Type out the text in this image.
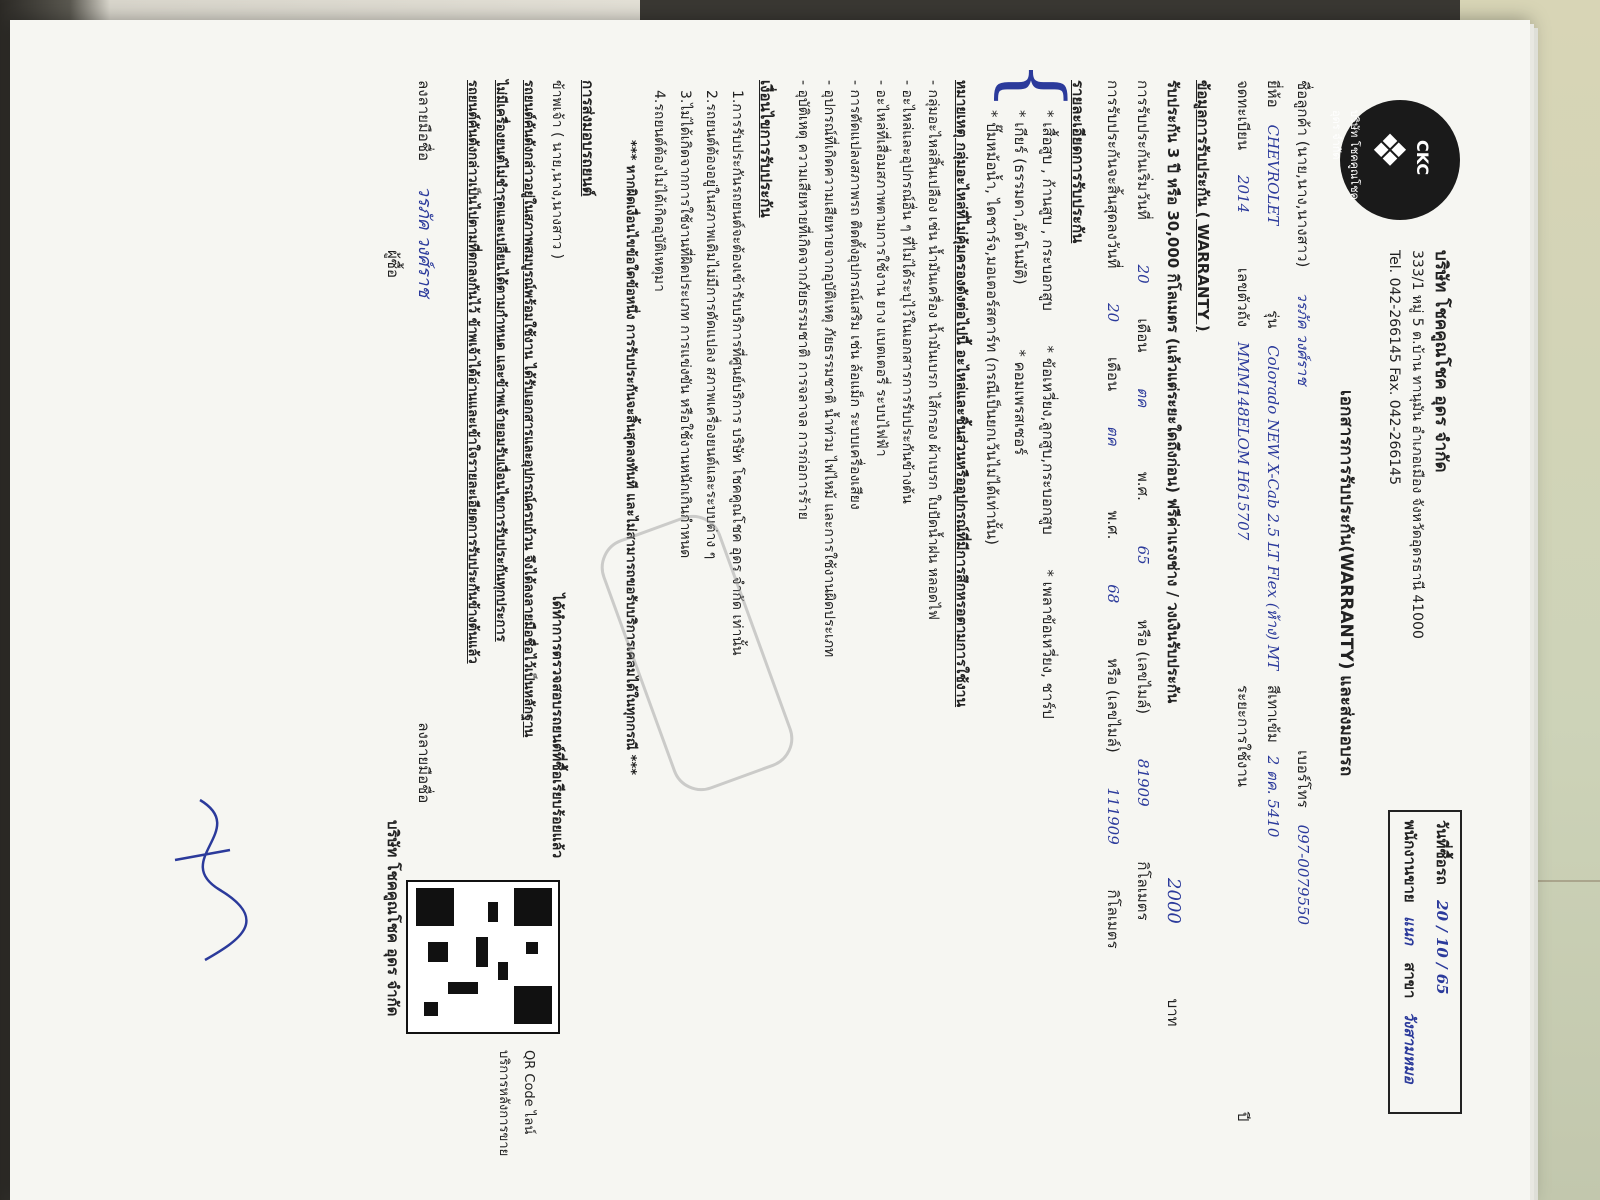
CKC
❖
บริษัท โชคคูณโชค อุดร จำกัด
บริษัท โชคคูณโชค อุดร จำกัด
333/1 หมู่ 5 ต.บ้าน ทานุมัน อำเภอเมือง จังหวัดอุดรธานี 41000
Tel. 042-266145 Fax. 042-266145
วันที่ซื้อรถ 20 / 10 / 65
พนักงานขาย แนก สาขา วังสามหมอ
เอกสารการรับประกัน(WARRANTY) และส่งมอบรถ
ชื่อลูกค้า (นาย,นาง,นางสาว) วรภัค วงศ์ราช เบอร์โทร 097-0079550
ยี่ห้อ CHEVROLET รุ่น Colorado NEW X-Cab 2.5 LT Flex (ห้าง) MT สีเทาเข้ม 2 ตค. 5410
จดทะเบียน 2014 เลขตัวถัง MMM148ELOM H615707 ระยะการใช้งาน ปี
ข้อมูลการรับประกัน ( WARRANTY )
รับประกัน 3 ปี หรือ 30,000 กิโลเมตร (แล้วแต่ระยะใดถึงก่อน) ฟรีค่าแรงช่าง / วงเงินรับประกัน 2000 บาท
การรับประกันเริ่มวันที่ 20 เดือน ตค พ.ศ. 65 หรือ (เลขไมล์) 81909 กิโลเมตร
การรับประกันจะสิ้นสุดลงวันที่ 20 เดือน ตค พ.ศ. 68 หรือ (เลขไมล์) 111909 กิโลเมตร
รายละเอียดการรับประกัน
{
* เสื้อสูบ , ก้านสูบ , กระบอกสูบ * ข้อเหวี่ยง,ลูกสูบ,กระบอกสูบ * เพลาข้อเหวี่ยง, ชาร์ป
* เกียร์ (ธรรมดา,อัตโนมัติ) * คอมเพรสเซอร์
* ปั๊มหม้อน้ำ, ไดชาร์จ,มอเตอร์สตาร์ท (กรณีเป็นยกเว้นไม่ได้เท่านั้น)
หมายเหตุ กลุ่มอะไหล่ที่ไม่คุ้มครองดังต่อไปนี้ อะไหล่และชิ้นส่วนหรืออุปกรณ์ที่มีการสึกหรอตามการใช้งาน
- กลุ่มอะไหล่สิ้นเปลือง เช่น น้ำมันเครื่อง น้ำมันเบรก ไส้กรอง ผ้าเบรก ใบปัดน้ำฝน หลอดไฟ
- อะไหล่และอุปกรณ์อื่น ๆ ที่ไม่ได้ระบุไว้ในเอกสารการรับประกันข้างต้น
- อะไหล่ที่เสื่อมสภาพตามการใช้งาน ยาง แบตเตอรี่ ระบบไฟฟ้า
- การดัดแปลงสภาพรถ ติดตั้งอุปกรณ์เสริม เช่น ล้อแม็ก ระบบเครื่องเสียง
- อุปกรณ์ที่เกิดความเสียหายจากอุบัติเหตุ ภัยธรรมชาติ น้ำท่วม ไฟไหม้ และการใช้งานผิดประเภท
- อุบัติเหตุ ความเสียหายที่เกิดจากภัยธรรมชาติ การจลาจล การก่อการร้าย
เงื่อนไขการรับประกัน
1.การรับประกันรถยนต์จะต้องเข้ารับบริการที่ศูนย์บริการ บริษัท โชคคูณโชค อุดร จำกัด เท่านั้น
2.รถยนต์ต้องอยู่ในสภาพเดิมไม่มีการดัดแปลง สภาพเครื่องยนต์และระบบต่าง ๆ
3.ไม่ได้เกิดจากการใช้งานที่ผิดประเภท การแข่งขัน หรือใช้งานหนักเกินกำหนด
4.รถยนต์ต้องไม่ได้เกิดอุบัติเหตุมา
*** หากผิดเงื่อนไขข้อใดข้อหนึ่ง การรับประกันจะสิ้นสุดลงทันที และไม่สามารถขอรับบริการเคลมได้ในทุกกรณี ***
การส่งมอบรถยนต์
ข้าพเจ้า ( นาย,นาง,นางสาว ) ได้ทำการตรวจสอบรถยนต์ที่ซื้อเรียบร้อยแล้ว
รถยนต์คันดังกล่าวอยู่ในสภาพสมบูรณ์พร้อมใช้งาน ได้รับเอกสารและอุปกรณ์ครบถ้วน จึงได้ลงลายมือชื่อไว้เป็นหลักฐาน
ไม่มีเครื่องยนต์ไม่ชำรุดและเปลี่ยนได้ตามกำหนด และข้าพเจ้ายอมรับเงื่อนไขการรับประกันทุกประการ
รถยนต์คันดังกล่าวเป็นไปตามที่ตกลงกันไว้ ข้าพเจ้าได้อ่านและเข้าใจรายละเอียดการรับประกันข้างต้นแล้ว
ลงลายมือชื่อ วรภัค วงศ์ราช ลงลายมือชื่อ
ผู้ซื้อ
บริษัท โชคคูณโชค อุดร จำกัด
QR Code ไลน์
บริการหลังการขาย
